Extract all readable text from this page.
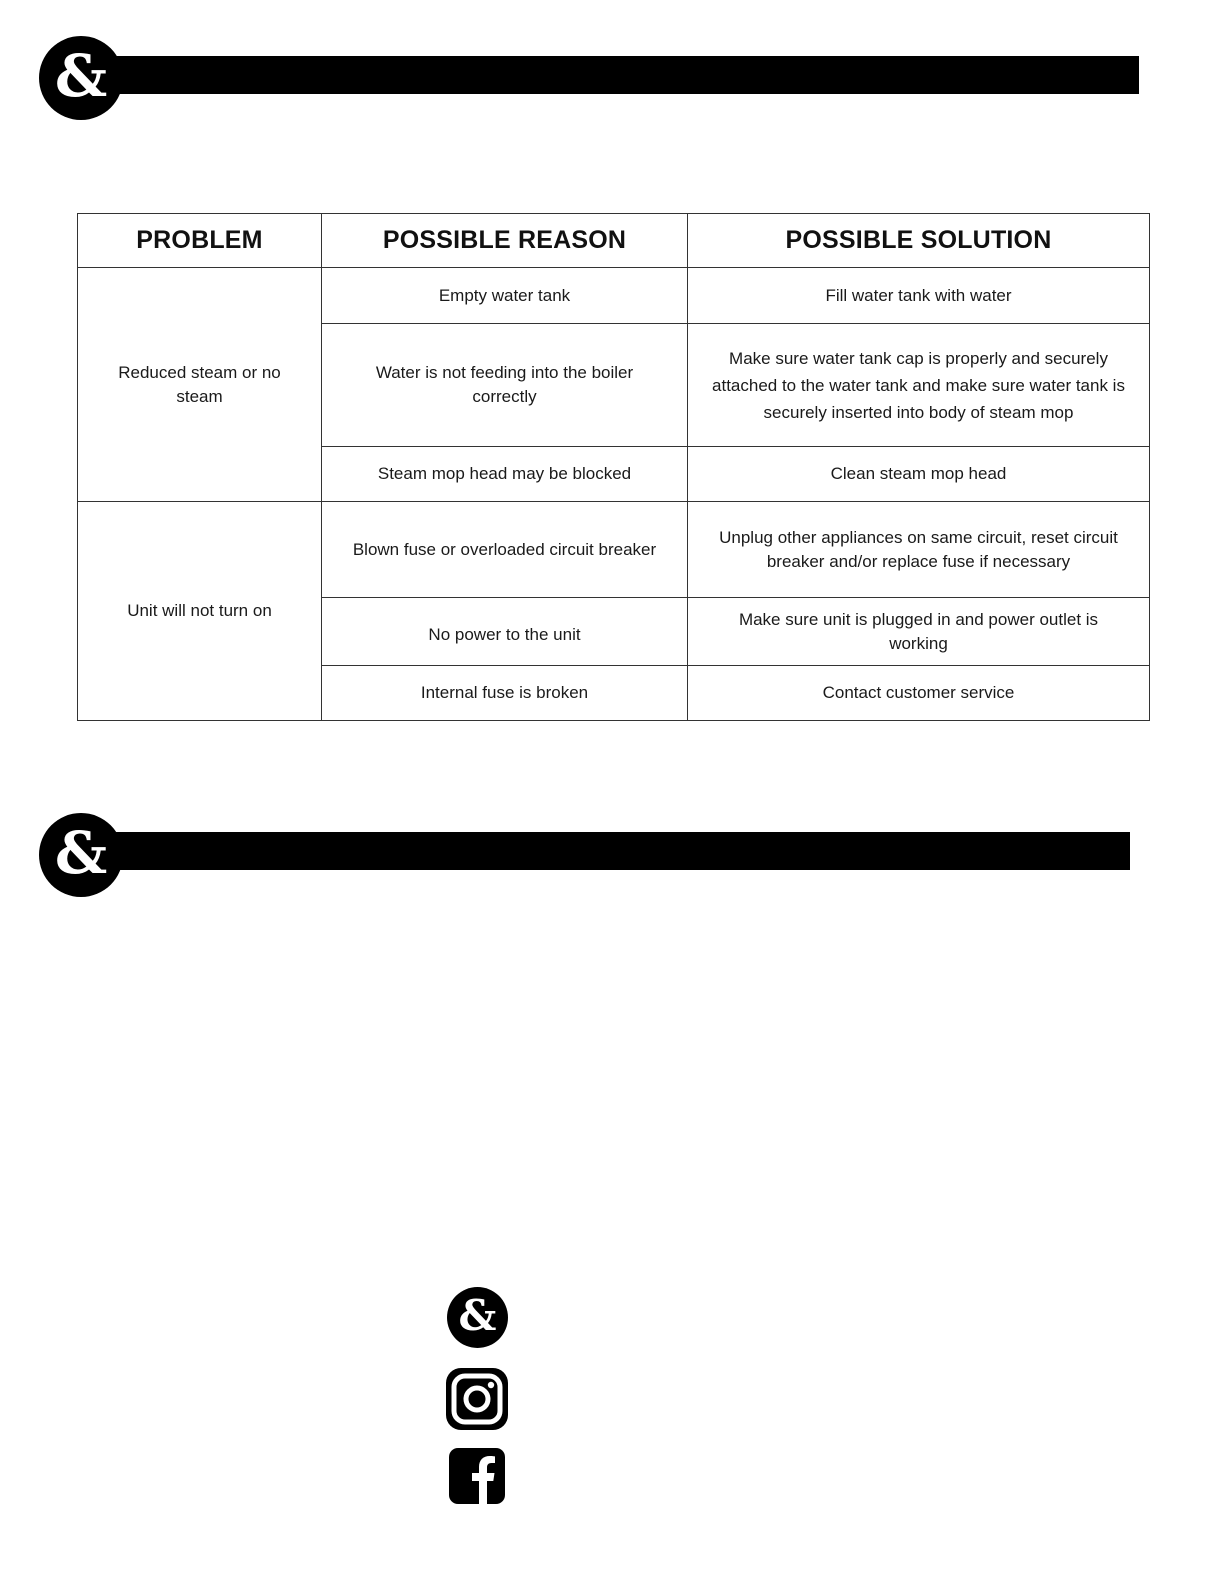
&
PROBLEM	POSSIBLE REASON	POSSIBLE SOLUTION
Reduced steam or no steam	Empty water tank	Fill water tank with water
	Water is not feeding into the boiler correctly	Make sure water tank cap is properly and securely attached to the water tank and make sure water tank is securely inserted into body of steam mop
	Steam mop head may be blocked	Clean steam mop head
Unit will not turn on	Blown fuse or overloaded circuit breaker	Unplug other appliances on same circuit, reset circuit breaker and/or replace fuse if necessary
	No power to the unit	Make sure unit is plugged in and power outlet is working
	Internal fuse is broken	Contact customer service
&
&
